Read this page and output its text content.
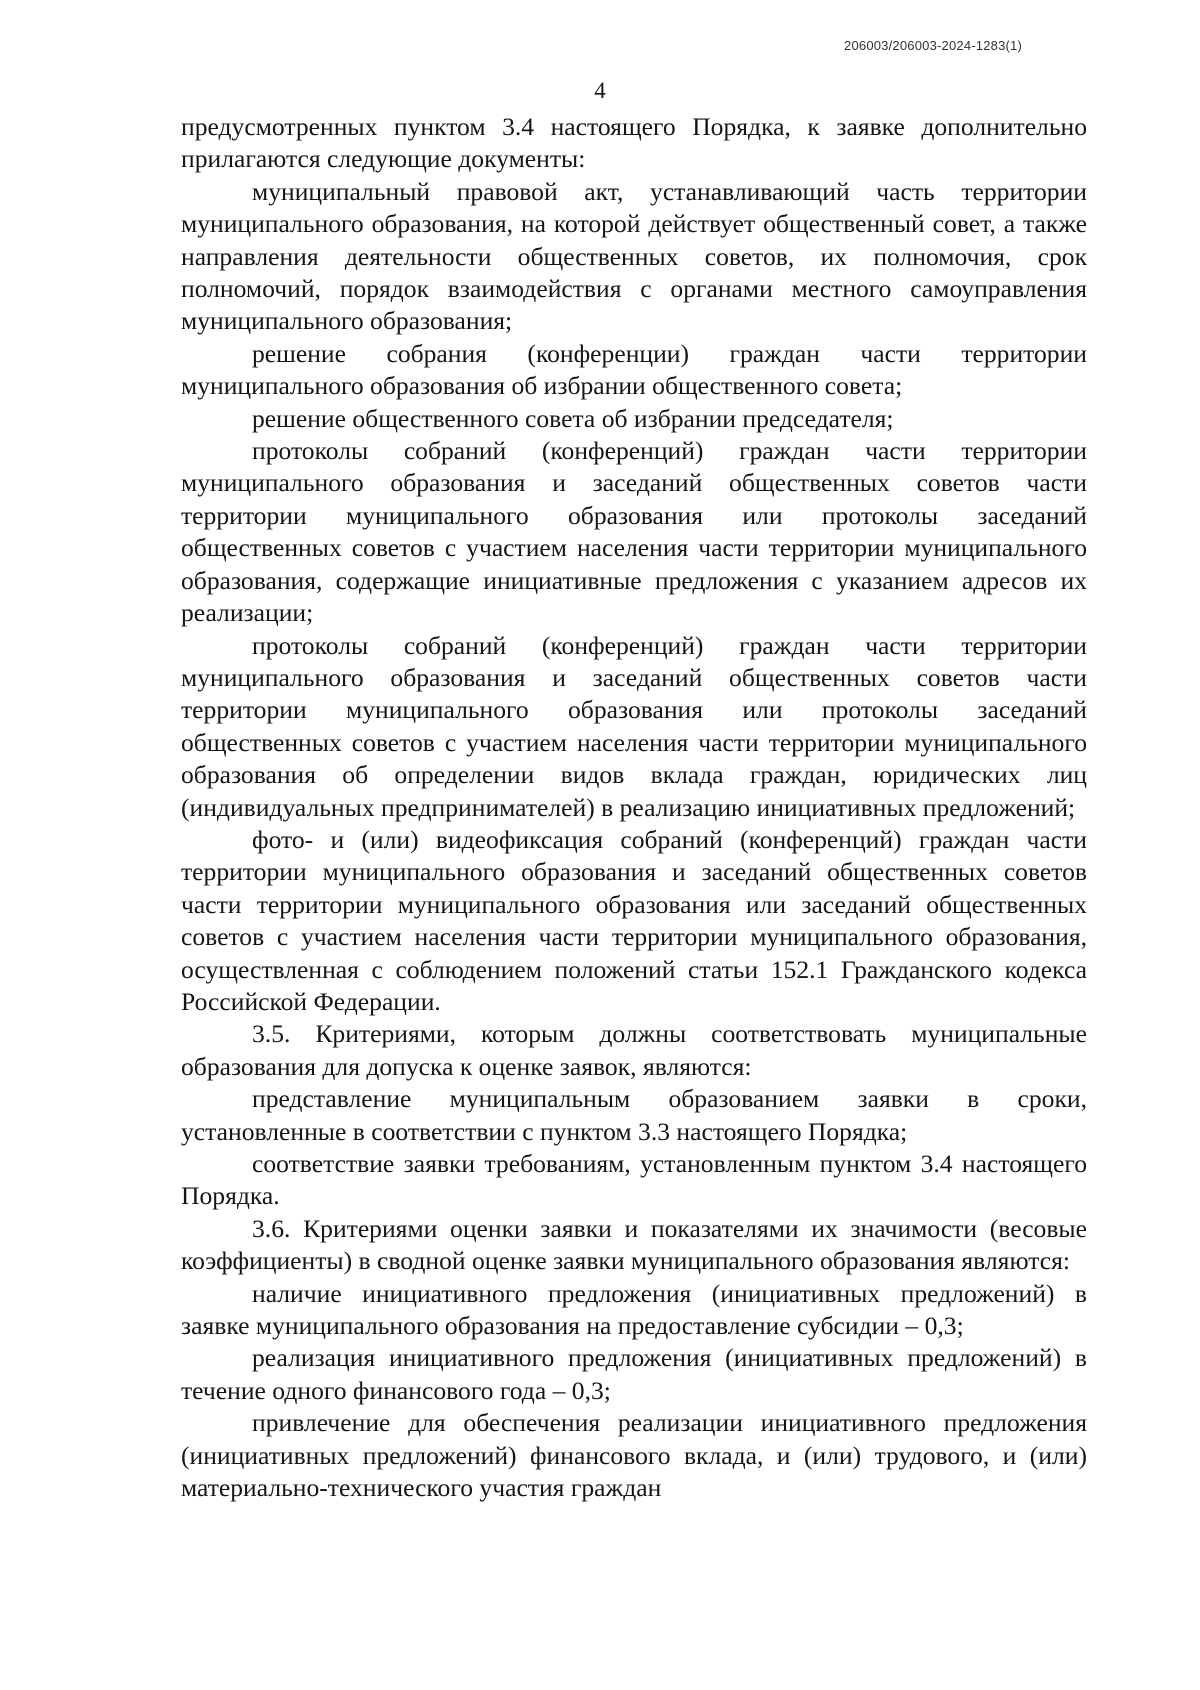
206003/206003-2024-1283(1)
4

предусмотренных пунктом 3.4 настоящего Порядка, к заявке дополнительно прилагаются следующие документы:

муниципальный правовой акт, устанавливающий часть территории муниципального образования, на которой действует общественный совет, а также направления деятельности общественных советов, их полномочия, срок полномочий, порядок взаимодействия с органами местного самоуправления муниципального образования;

решение собрания (конференции) граждан части территории муниципального образования об избрании общественного совета;

решение общественного совета об избрании председателя;

протоколы собраний (конференций) граждан части территории муниципального образования и заседаний общественных советов части территории муниципального образования или протоколы заседаний общественных советов с участием населения части территории муниципального образования, содержащие инициативные предложения с указанием адресов их реализации;

протоколы собраний (конференций) граждан части территории муниципального образования и заседаний общественных советов части территории муниципального образования или протоколы заседаний общественных советов с участием населения части территории муниципального образования об определении видов вклада граждан, юридических лиц (индивидуальных предпринимателей) в реализацию инициативных предложений;

фото- и (или) видеофиксация собраний (конференций) граждан части территории муниципального образования и заседаний общественных советов части территории муниципального образования или заседаний общественных советов с участием населения части территории муниципального образования, осуществленная с соблюдением положений статьи 152.1 Гражданского кодекса Российской Федерации.

3.5. Критериями, которым должны соответствовать муниципальные образования для допуска к оценке заявок, являются:

представление муниципальным образованием заявки в сроки, установленные в соответствии с пунктом 3.3 настоящего Порядка;

соответствие заявки требованиям, установленным пунктом 3.4 настоящего Порядка.

3.6. Критериями оценки заявки и показателями их значимости (весовые коэффициенты) в сводной оценке заявки муниципального образования являются:

наличие инициативного предложения (инициативных предложений) в заявке муниципального образования на предоставление субсидии – 0,3;

реализация инициативного предложения (инициативных предложений) в течение одного финансового года – 0,3;

привлечение для обеспечения реализации инициативного предложения (инициативных предложений) финансового вклада, и (или) трудового, и (или) материально-технического участия граждан
